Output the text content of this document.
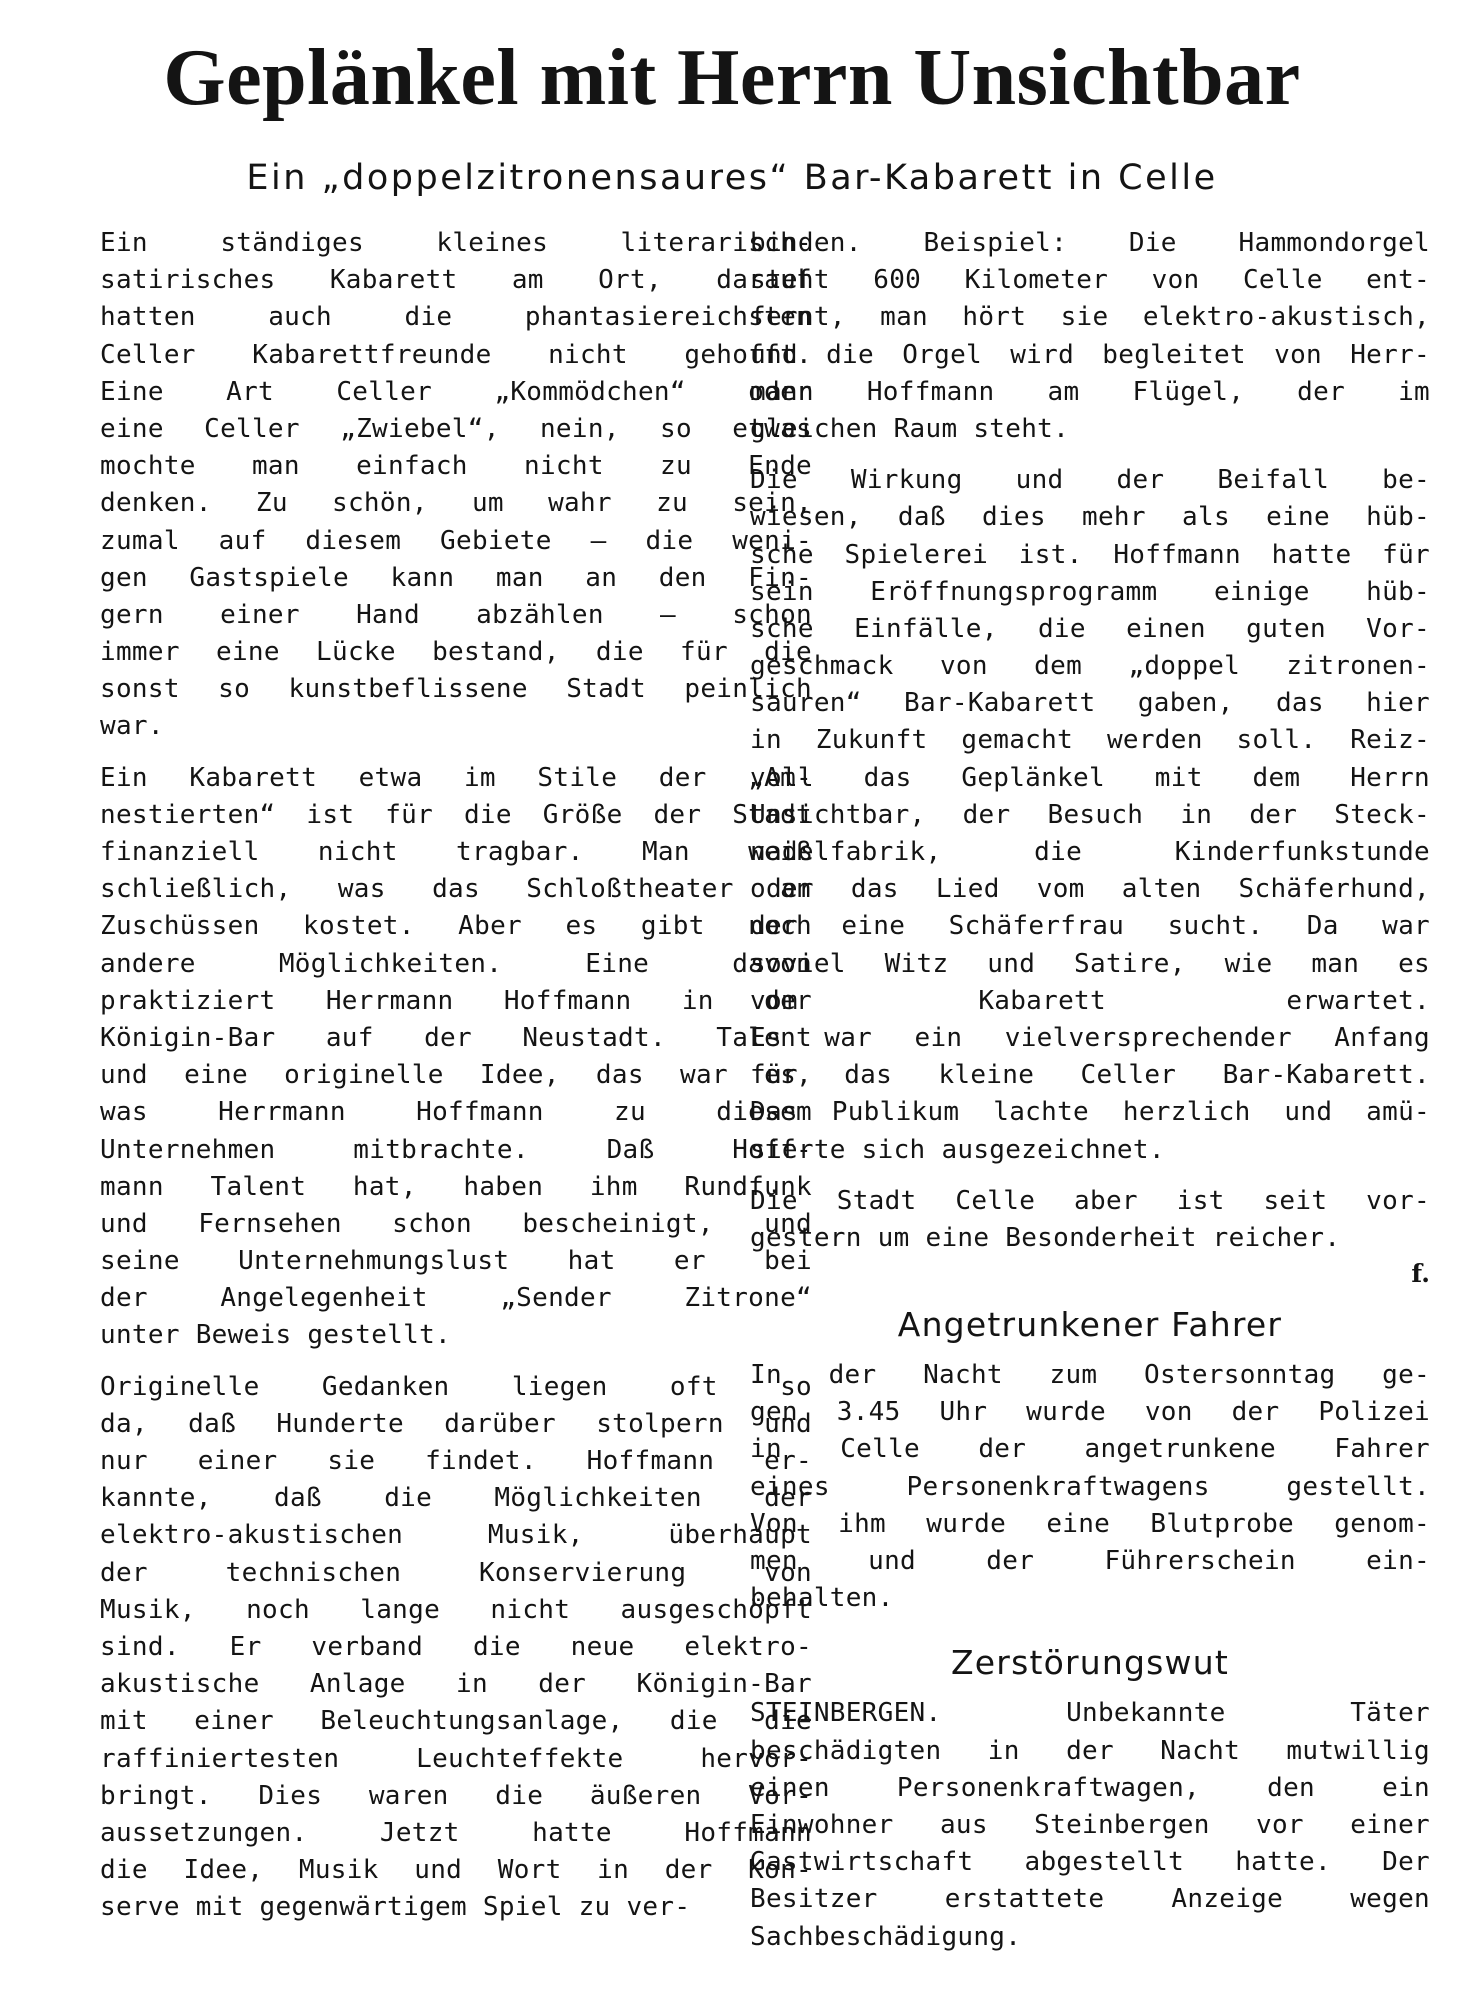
Geplänkel mit Herrn Unsichtbar
Ein „doppelzitronensaures“ Bar-Kabarett in Celle
Ein ständiges kleines literarisch-
satirisches Kabarett am Ort, darauf
hatten auch die phantasiereichsten
Celler Kabarettfreunde nicht gehofft.
Eine Art Celler „Kommödchen“ oder
eine Celler „Zwiebel“, nein, so etwas
mochte man einfach nicht zu Ende
denken. Zu schön, um wahr zu sein,
zumal auf diesem Gebiete — die weni-
gen Gastspiele kann man an den Fin-
gern einer Hand abzählen — schon
immer eine Lücke bestand, die für die
sonst so kunstbeflissene Stadt peinlich
war.
Ein Kabarett etwa im Stile der „Am-
nestierten“ ist für die Größe der Stadt
finanziell nicht tragbar. Man weiß
schließlich, was das Schloßtheater an
Zuschüssen kostet. Aber es gibt noch
andere Möglichkeiten. Eine davon
praktiziert Herrmann Hoffmann in der
Königin-Bar auf der Neustadt. Talent
und eine originelle Idee, das war es,
was Herrmann Hoffmann zu diesem
Unternehmen mitbrachte. Daß Hoff-
mann Talent hat, haben ihm Rundfunk
und Fernsehen schon bescheinigt, und
seine Unternehmungslust hat er bei
der Angelegenheit „Sender Zitrone“
unter Beweis gestellt.
Originelle Gedanken liegen oft so
da, daß Hunderte darüber stolpern und
nur einer sie findet. Hoffmann er-
kannte, daß die Möglichkeiten der
elektro-akustischen Musik, überhaupt
der technischen Konservierung von
Musik, noch lange nicht ausgeschöpft
sind. Er verband die neue elektro-
akustische Anlage in der Königin-Bar
mit einer Beleuchtungsanlage, die die
raffiniertesten Leuchteffekte hervor-
bringt. Dies waren die äußeren Vor-
aussetzungen. Jetzt hatte Hoffmann
die Idee, Musik und Wort in der Kon-
serve mit gegenwärtigem Spiel zu ver-
binden. Beispiel: Die Hammondorgel
steht 600 Kilometer von Celle ent-
fernt, man hört sie elektro-akustisch,
und die Orgel wird begleitet von Herr-
mann Hoffmann am Flügel, der im
gleichen Raum steht.
Die Wirkung und der Beifall be-
wiesen, daß dies mehr als eine hüb-
sche Spielerei ist. Hoffmann hatte für
sein Eröffnungsprogramm einige hüb-
sche Einfälle, die einen guten Vor-
geschmack von dem „doppel zitronen-
sauren“ Bar-Kabarett gaben, das hier
in Zukunft gemacht werden soll. Reiz-
voll das Geplänkel mit dem Herrn
Unsichtbar, der Besuch in der Steck-
nadelfabrik, die Kinderfunkstunde
oder das Lied vom alten Schäferhund,
der eine Schäferfrau sucht. Da war
soviel Witz und Satire, wie man es
vom Kabarett erwartet.
Es war ein vielversprechender Anfang
für das kleine Celler Bar-Kabarett.
Das Publikum lachte herzlich und amü-
sierte sich ausgezeichnet.
Die Stadt Celle aber ist seit vor-
gestern um eine Besonderheit reicher.
f.
Angetrunkener Fahrer
In der Nacht zum Ostersonntag ge-
gen 3.45 Uhr wurde von der Polizei
in Celle der angetrunkene Fahrer
eines Personenkraftwagens gestellt.
Von ihm wurde eine Blutprobe genom-
men und der Führerschein ein-
behalten.
Zerstörungswut
STEINBERGEN. Unbekannte Täter
beschädigten in der Nacht mutwillig
einen Personenkraftwagen, den ein
Einwohner aus Steinbergen vor einer
Gastwirtschaft abgestellt hatte. Der
Besitzer erstattete Anzeige wegen
Sachbeschädigung.
